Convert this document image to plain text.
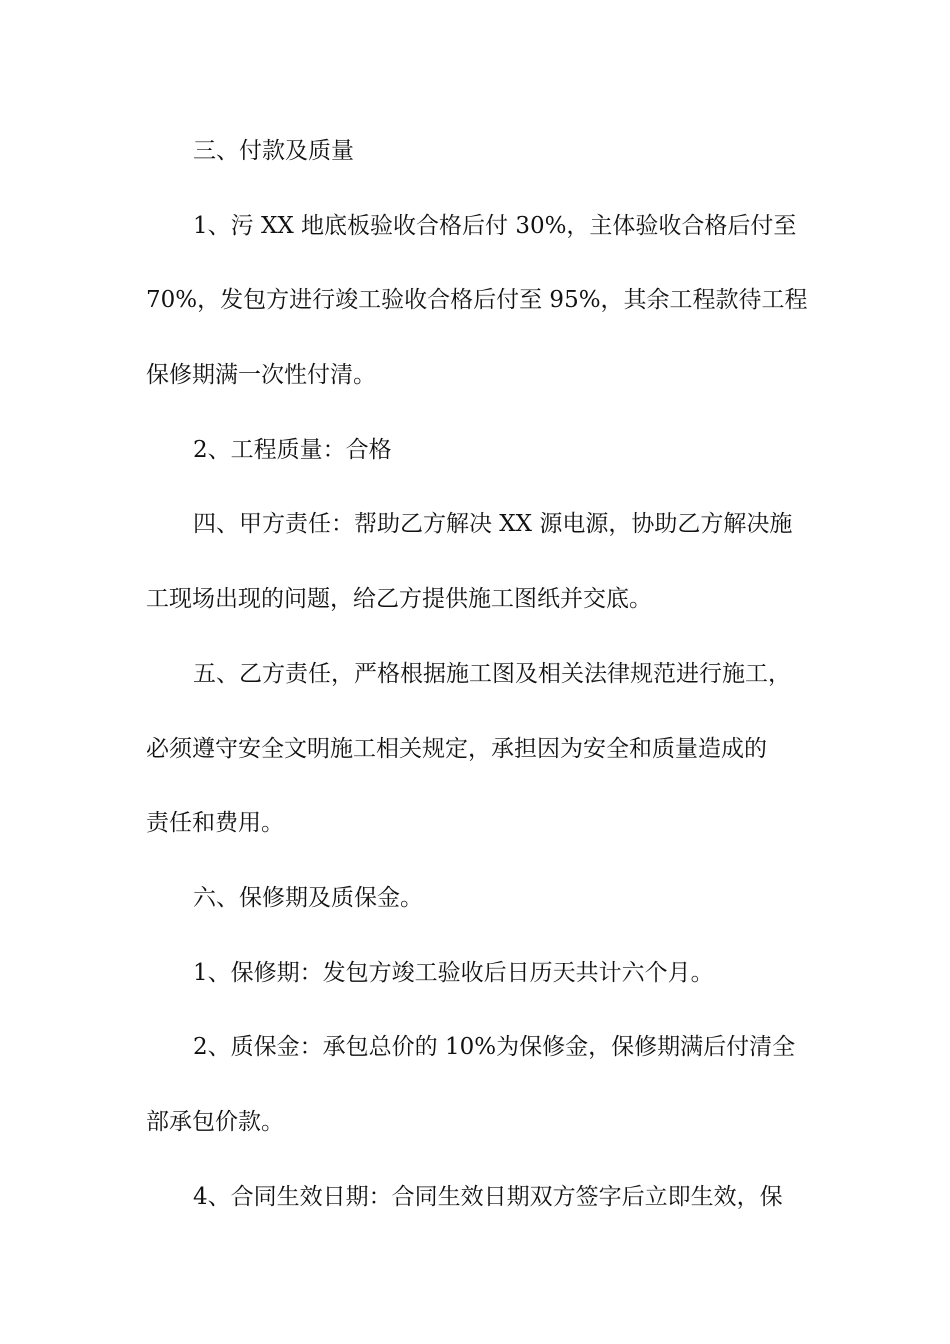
三、付款及质量

1、污 XX 地底板验收合格后付 30%，主体验收合格后付至
70%，发包方进行竣工验收合格后付至 95%，其余工程款待工程
保修期满一次性付清。

2、工程质量：合格

四、甲方责任：帮助乙方解决 XX 源电源，协助乙方解决施
工现场出现的问题，给乙方提供施工图纸并交底。

五、乙方责任，严格根据施工图及相关法律规范进行施工，
必须遵守安全文明施工相关规定，承担因为安全和质量造成的
责任和费用。

六、保修期及质保金。

1、保修期：发包方竣工验收后日历天共计六个月。

2、质保金：承包总价的 10%为保修金，保修期满后付清全
部承包价款。

4、合同生效日期：合同生效日期双方签字后立即生效，保
